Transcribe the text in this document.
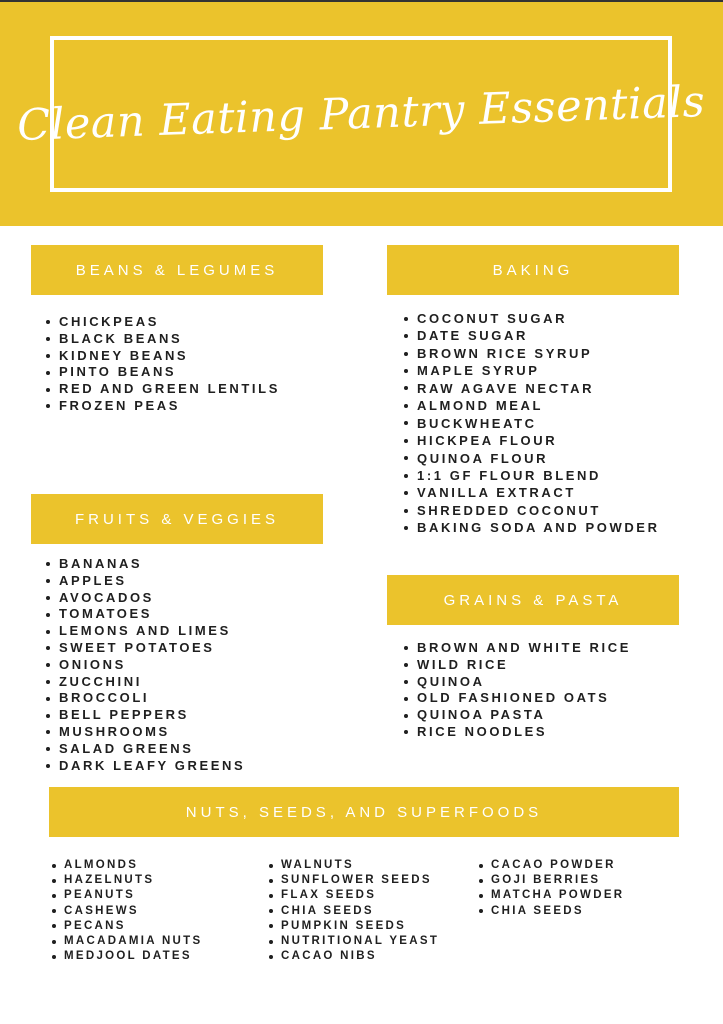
Clean Eating Pantry Essentials
BEANS & LEGUMES
CHICKPEAS
BLACK BEANS
KIDNEY BEANS
PINTO BEANS
RED AND GREEN LENTILS
FROZEN PEAS
BAKING
COCONUT SUGAR
DATE SUGAR
BROWN RICE SYRUP
MAPLE SYRUP
RAW AGAVE NECTAR
ALMOND MEAL
BUCKWHEATC
HICKPEA FLOUR
QUINOA FLOUR
1:1 GF FLOUR BLEND
VANILLA EXTRACT
SHREDDED COCONUT
BAKING SODA AND POWDER
FRUITS & VEGGIES
BANANAS
APPLES
AVOCADOS
TOMATOES
LEMONS AND LIMES
SWEET POTATOES
ONIONS
ZUCCHINI
BROCCOLI
BELL PEPPERS
MUSHROOMS
SALAD GREENS
DARK LEAFY GREENS
GRAINS & PASTA
BROWN AND WHITE RICE
WILD RICE
QUINOA
OLD FASHIONED OATS
QUINOA PASTA
RICE NOODLES
NUTS, SEEDS, AND SUPERFOODS
ALMONDS
HAZELNUTS
PEANUTS
CASHEWS
PECANS
MACADAMIA NUTS
MEDJOOL DATES
WALNUTS
SUNFLOWER SEEDS
FLAX SEEDS
CHIA SEEDS
PUMPKIN SEEDS
NUTRITIONAL YEAST
CACAO NIBS
CACAO POWDER
GOJI BERRIES
MATCHA POWDER
CHIA SEEDS
